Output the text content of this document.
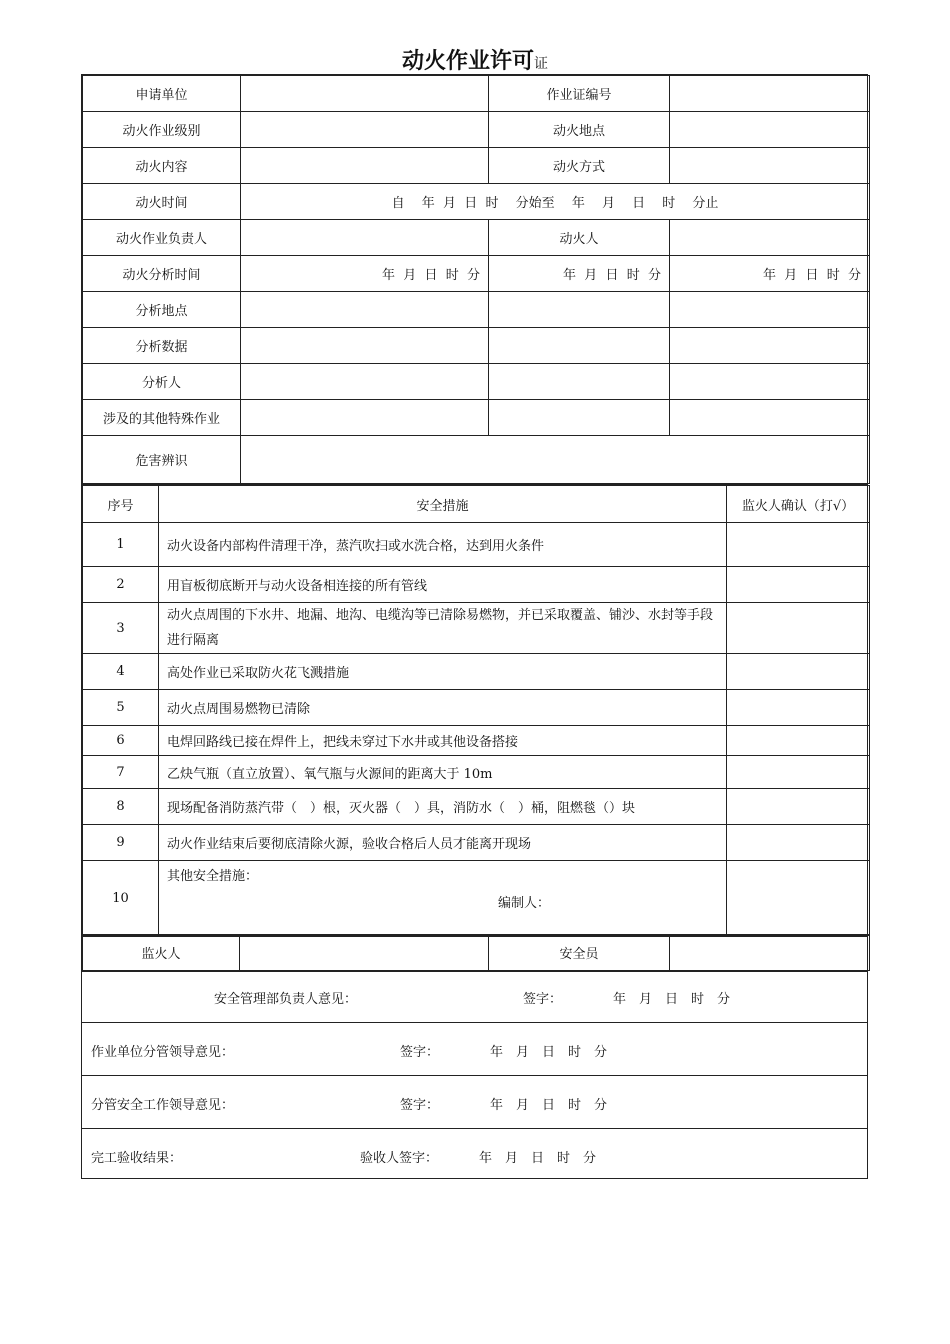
动火作业许可证
申请单位		作业证编号	
动火作业级别		动火地点	
动火内容		动火方式	
动火时间	自　 年  月  日  时　 分始至　 年　 月　 日　 时　 分止		
动火作业负责人		动火人	
动火分析时间	年  月  日  时  分	年  月  日  时  分	年  月  日  时  分
分析地点			
分析数据			
分析人			
涉及的其他特殊作业			
危害辨识			
序号	安全措施	监火人确认（打√）
1	动火设备内部构件清理干净，蒸汽吹扫或水洗合格，达到用火条件	
2	用盲板彻底断开与动火设备相连接的所有管线	
3	动火点周围的下水井、地漏、地沟、电缆沟等已清除易燃物，并已采取覆盖、铺沙、水封等手段进行隔离	
4	高处作业已采取防火花飞溅措施	
5	动火点周围易燃物已清除	
6	电焊回路线已接在焊件上，把线未穿过下水井或其他设备搭接	
7	乙炔气瓶（直立放置）、氧气瓶与火源间的距离大于 10m	
8	现场配备消防蒸汽带（　）根，灭火器（　）具，消防水（　）桶，阻燃毯（）块	
9	动火作业结束后要彻底清除火源，验收合格后人员才能离开现场	
10	其他安全措施：
编制人：	

监火人		安全员	
安全管理部负责人意见：	签字：	年　月　日　时　分
作业单位分管领导意见：	签字：	年　月　日　时　分
分管安全工作领导意见：	签字：	年　月　日　时　分
完工验收结果：	验收人签字：	年　月　日　时　分
